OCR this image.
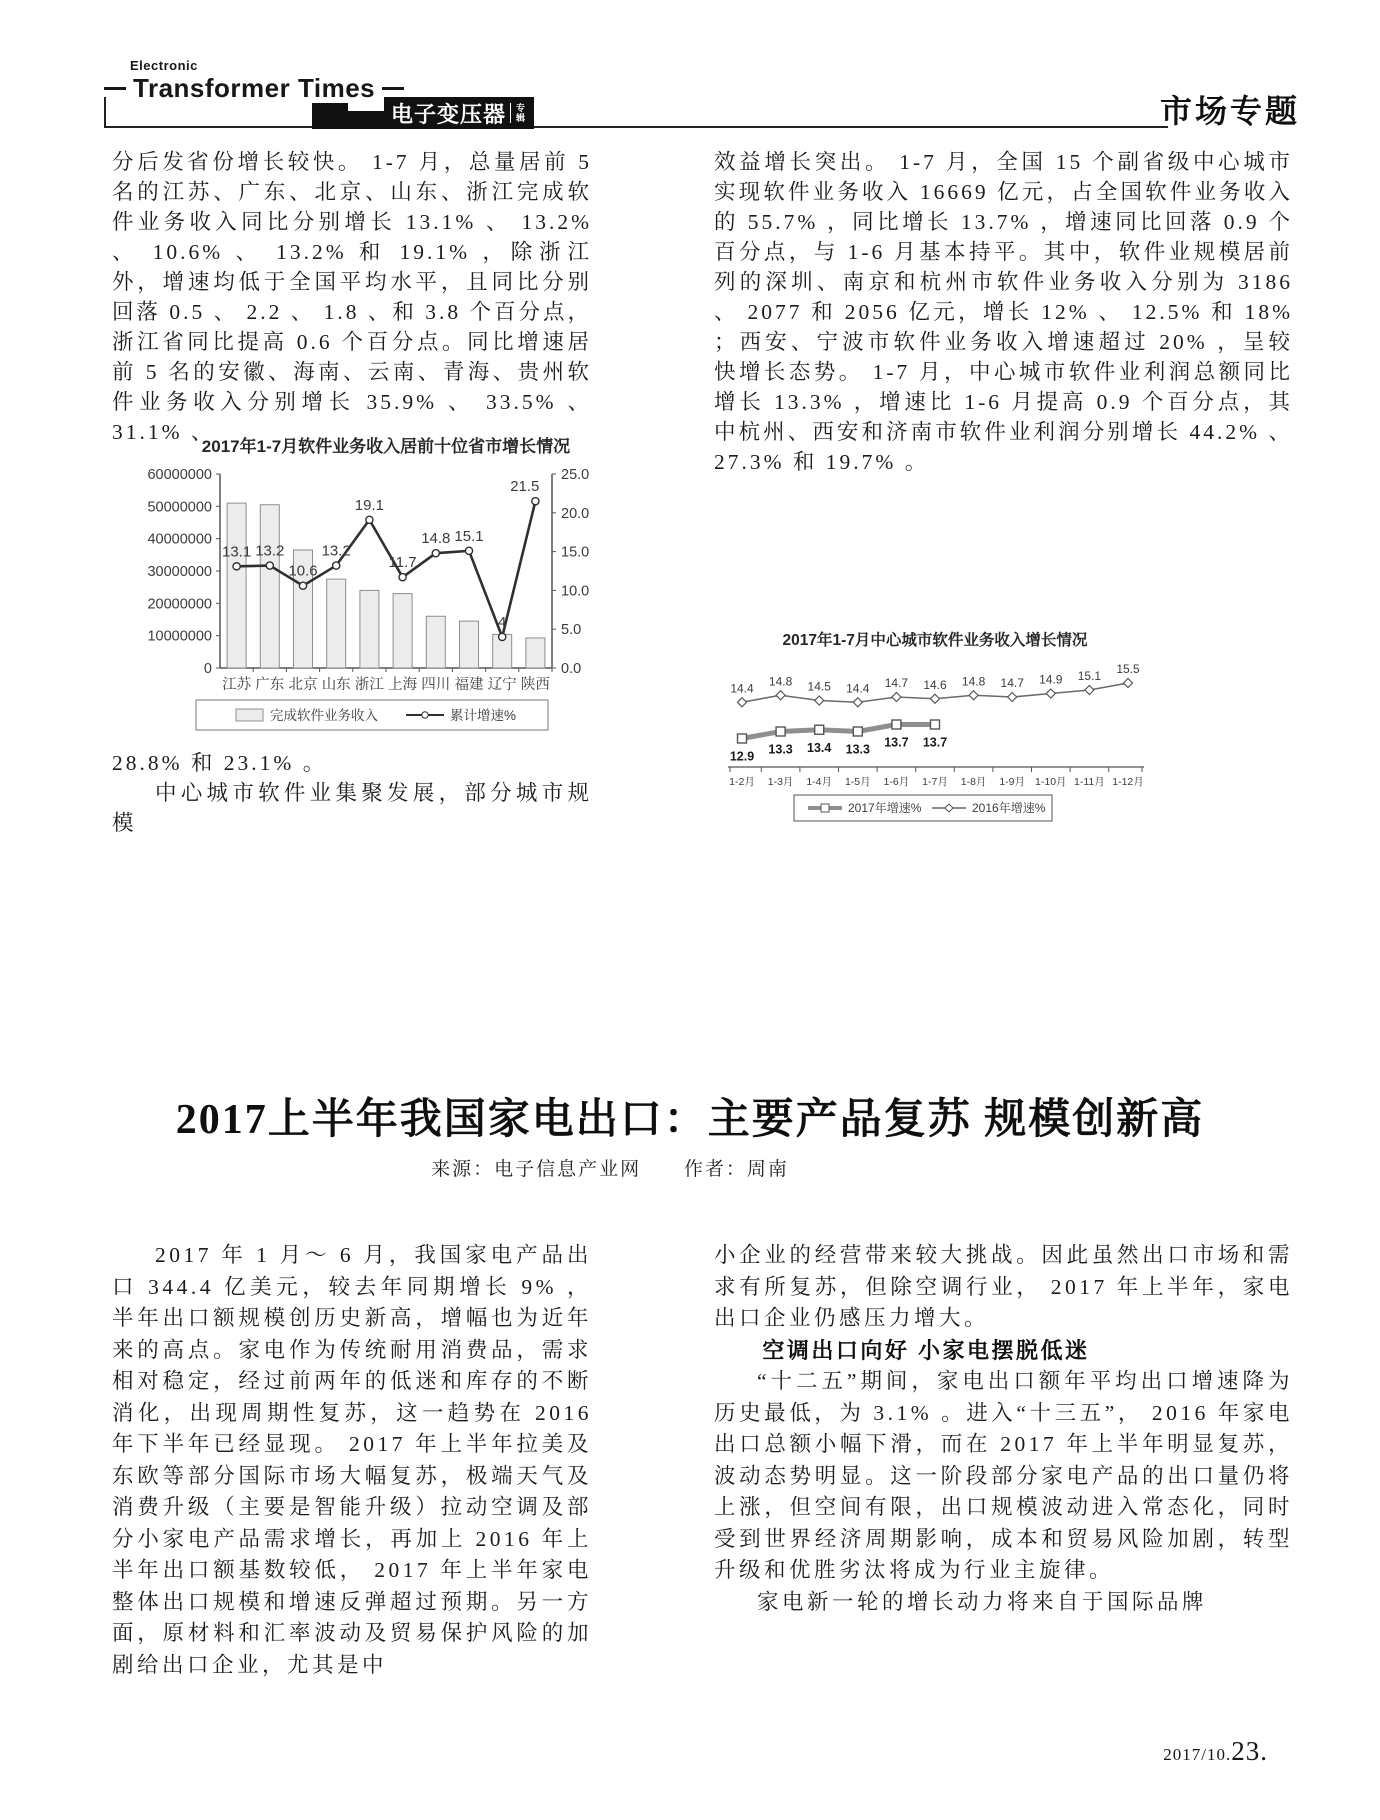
Electronic
Transformer Times
电子变压器	专辑	市场专题

分后发省份增长较快。 1-7 月，总量居前 5 名的江苏、广东、北京、山东、浙江完成软件业务收入同比分别增长 13.1% 、 13.2% 、 10.6% 、 13.2% 和 19.1% ，除浙江外，增速均低于全国平均水平，且同比分别回落 0.5 、 2.2 、 1.8 、和 3.8 个百分点，浙江省同比提高 0.6 个百分点。同比增速居前 5 名的安徽、海南、云南、青海、贵州软件业务收入分别增长 35.9% 、 33.5% 、 31.1% 、

2017年1-7月软件业务收入居前十位省市增长情况
60000000
50000000
40000000
30000000
20000000
10000000
0
25.0
20.0
15.0
10.0
5.0
0.0
江苏 广东 北京 山东 浙江 上海 四川 福建 辽宁 陕西
13.1 13.2
10.6
13.2
19.1
11.7
14.8 15.1
4
21.5
完成软件业务收入	累计增速%

28.8% 和 23.1% 。

中心城市软件业集聚发展，部分城市规模

效益增长突出。 1-7 月，全国 15 个副省级中心城市实现软件业务收入 16669 亿元，占全国软件业务收入的 55.7% ，同比增长 13.7% ，增速同比回落 0.9 个百分点，与 1-6 月基本持平。其中，软件业规模居前列的深圳、南京和杭州市软件业务收入分别为 3186 、 2077 和 2056 亿元，增长 12% 、 12.5% 和 18% ；西安、宁波市软件业务收入增速超过 20% ，呈较快增长态势。 1-7 月，中心城市软件业利润总额同比增长 13.3% ，增速比 1-6 月提高 0.9 个百分点，其中杭州、西安和济南市软件业利润分别增长 44.2% 、 27.3% 和 19.7% 。

2017年1-7月中心城市软件业务收入增长情况
14.4 14.8 14.5 14.4 14.7 14.6 14.8 14.7 14.9 15.1 15.5
12.9 13.3 13.4 13.3 13.7 13.7
1-2月 1-3月 1-4月 1-5月 1-6月 1-7月 1-8月 1-9月 1-10月 1-11月 1-12月
2017年增速%	2016年增速%
2017上半年我国家电出口：主要产品复苏 规模创新高
来源：电子信息产业网 作者：周南

2017 年 1 月～ 6 月，我国家电产品出口 344.4 亿美元，较去年同期增长 9% ，半年出口额规模创历史新高，增幅也为近年来的高点。家电作为传统耐用消费品，需求相对稳定，经过前两年的低迷和库存的不断消化，出现周期性复苏，这一趋势在 2016 年下半年已经显现。 2017 年上半年拉美及东欧等部分国际市场大幅复苏，极端天气及消费升级（主要是智能升级）拉动空调及部分小家电产品需求增长，再加上 2016 年上半年出口额基数较低， 2017 年上半年家电整体出口规模和增速反弹超过预期。另一方面，原材料和汇率波动及贸易保护风险的加剧给出口企业，尤其是中

小企业的经营带来较大挑战。因此虽然出口市场和需求有所复苏，但除空调行业， 2017 年上半年，家电出口企业仍感压力增大。

空调出口向好 小家电摆脱低迷

“十二五”期间，家电出口额年平均出口增速降为历史最低，为 3.1% 。进入“十三五”， 2016 年家电出口总额小幅下滑，而在 2017 年上半年明显复苏，波动态势明显。这一阶段部分家电产品的出口量仍将上涨，但空间有限，出口规模波动进入常态化，同时受到世界经济周期影响，成本和贸易风险加剧，转型升级和优胜劣汰将成为行业主旋律。

家电新一轮的增长动力将来自于国际品牌

2017/10.23.
